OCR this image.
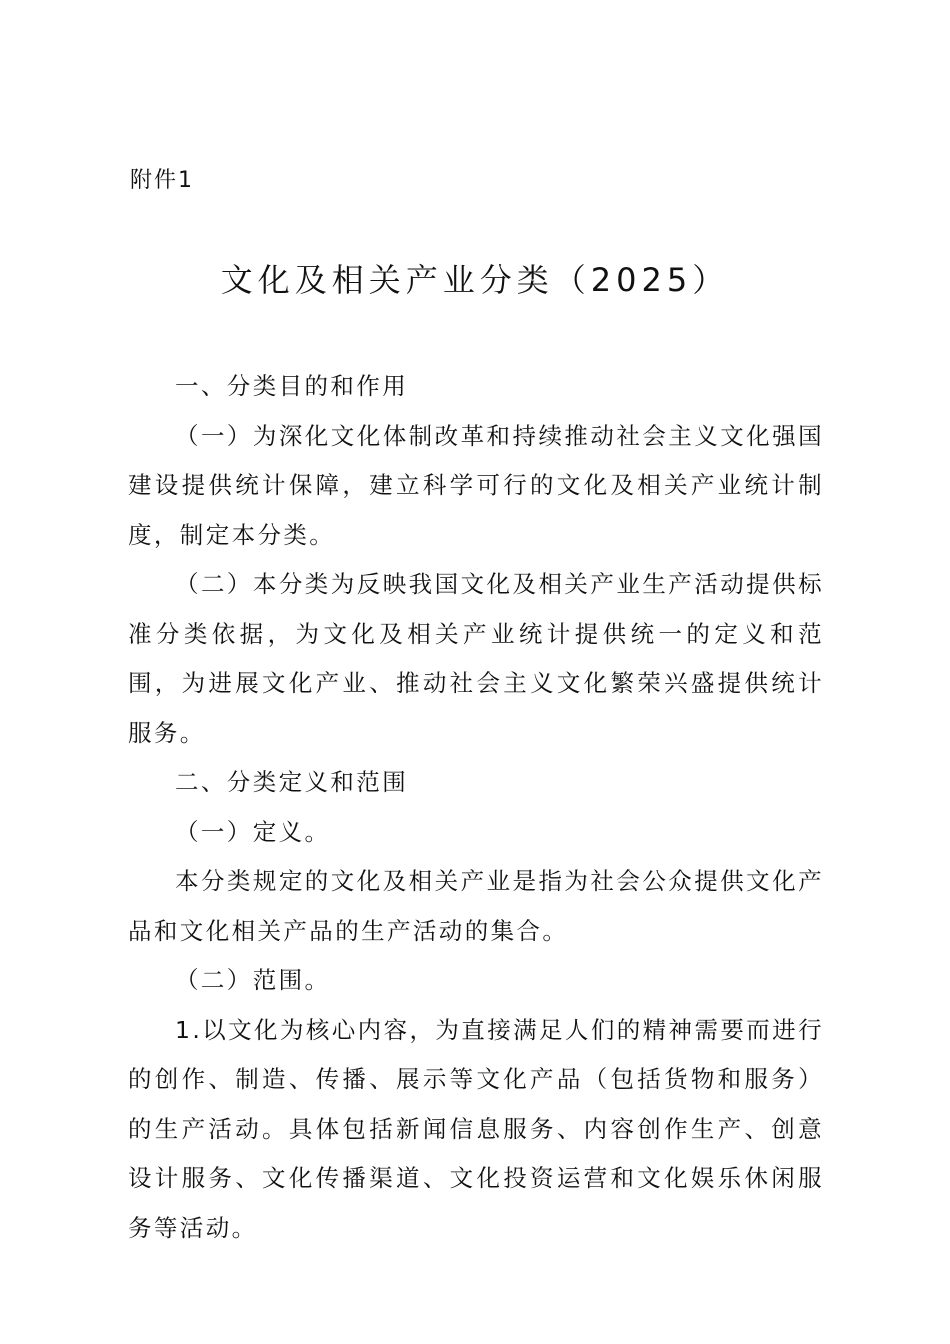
附件1
文化及相关产业分类（2025）

一、分类目的和作用

（一）为深化文化体制改革和持续推动社会主义文化强国建设提供统计保障，建立科学可行的文化及相关产业统计制度，制定本分类。

（二）本分类为反映我国文化及相关产业生产活动提供标准分类依据，为文化及相关产业统计提供统一的定义和范围，为进展文化产业、推动社会主义文化繁荣兴盛提供统计服务。

二、分类定义和范围

（一）定义。

本分类规定的文化及相关产业是指为社会公众提供文化产品和文化相关产品的生产活动的集合。

（二）范围。

1.以文化为核心内容，为直接满足人们的精神需要而进行的创作、制造、传播、展示等文化产品（包括货物和服务）的生产活动。具体包括新闻信息服务、内容创作生产、创意设计服务、文化传播渠道、文化投资运营和文化娱乐休闲服务等活动。
